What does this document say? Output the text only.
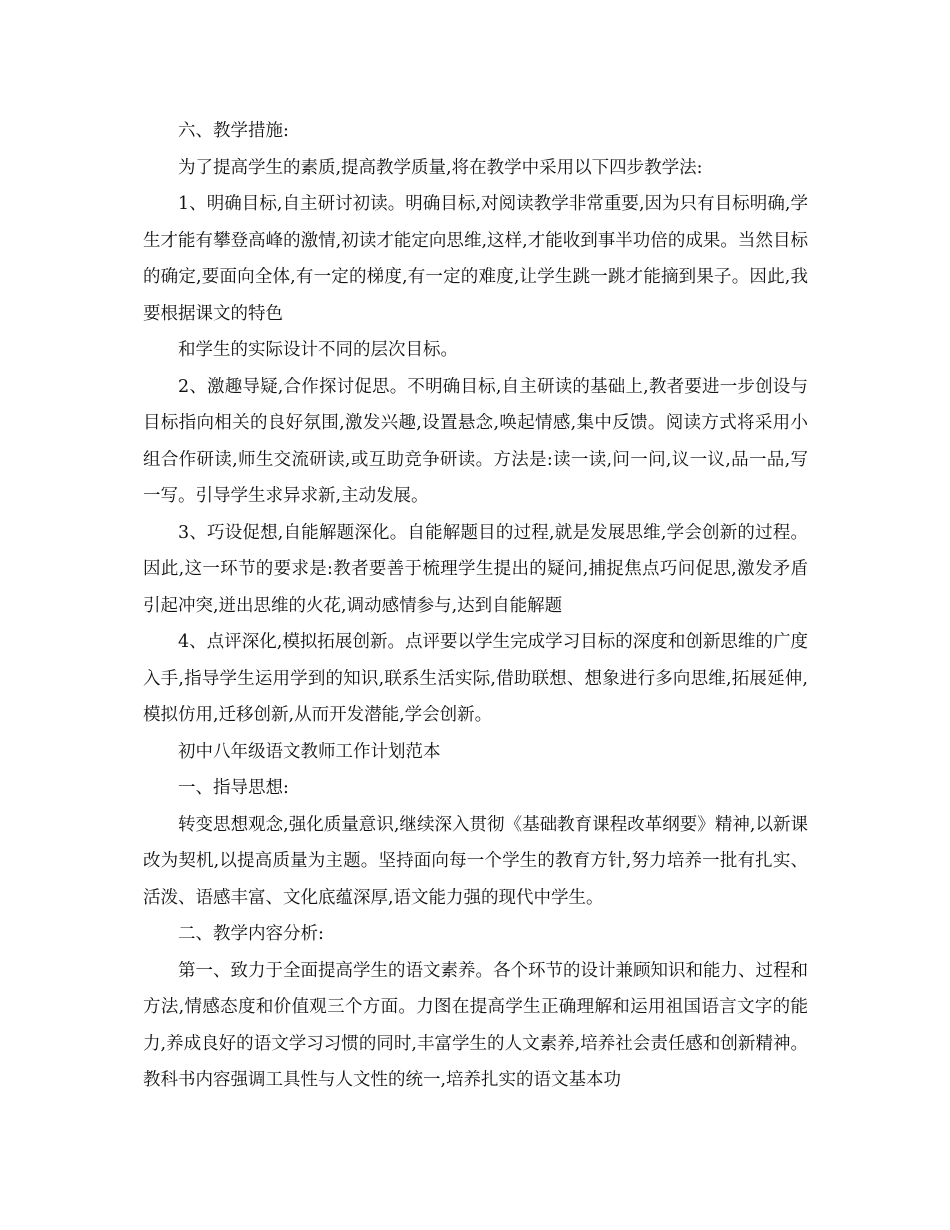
六、教学措施:

为了提高学生的素质,提高教学质量,将在教学中采用以下四步教学法:

1、明确目标,自主研讨初读。明确目标,对阅读教学非常重要,因为只有目标明确,学生才能有攀登高峰的激情,初读才能定向思维,这样,才能收到事半功倍的成果。当然目标的确定,要面向全体,有一定的梯度,有一定的难度,让学生跳一跳才能摘到果子。因此,我要根据课文的特色

和学生的实际设计不同的层次目标。

2、激趣导疑,合作探讨促思。不明确目标,自主研读的基础上,教者要进一步创设与目标指向相关的良好氛围,激发兴趣,设置悬念,唤起情感,集中反馈。阅读方式将采用小组合作研读,师生交流研读,或互助竞争研读。方法是:读一读,问一问,议一议,品一品,写一写。引导学生求异求新,主动发展。

3、巧设促想,自能解题深化。自能解题目的过程,就是发展思维,学会创新的过程。因此,这一环节的要求是:教者要善于梳理学生提出的疑问,捕捉焦点巧问促思,激发矛盾引起冲突,迸出思维的火花,调动感情参与,达到自能解题

4、点评深化,模拟拓展创新。点评要以学生完成学习目标的深度和创新思维的广度入手,指导学生运用学到的知识,联系生活实际,借助联想、想象进行多向思维,拓展延伸,模拟仿用,迁移创新,从而开发潜能,学会创新。

初中八年级语文教师工作计划范本

一、指导思想:

转变思想观念,强化质量意识,继续深入贯彻《基础教育课程改革纲要》精神,以新课改为契机,以提高质量为主题。坚持面向每一个学生的教育方针,努力培养一批有扎实、活泼、语感丰富、文化底蕴深厚,语文能力强的现代中学生。

二、教学内容分析:

第一、致力于全面提高学生的语文素养。各个环节的设计兼顾知识和能力、过程和方法,情感态度和价值观三个方面。力图在提高学生正确理解和运用祖国语言文字的能力,养成良好的语文学习习惯的同时,丰富学生的人文素养,培养社会责任感和创新精神。教科书内容强调工具性与人文性的统一,培养扎实的语文基本功
